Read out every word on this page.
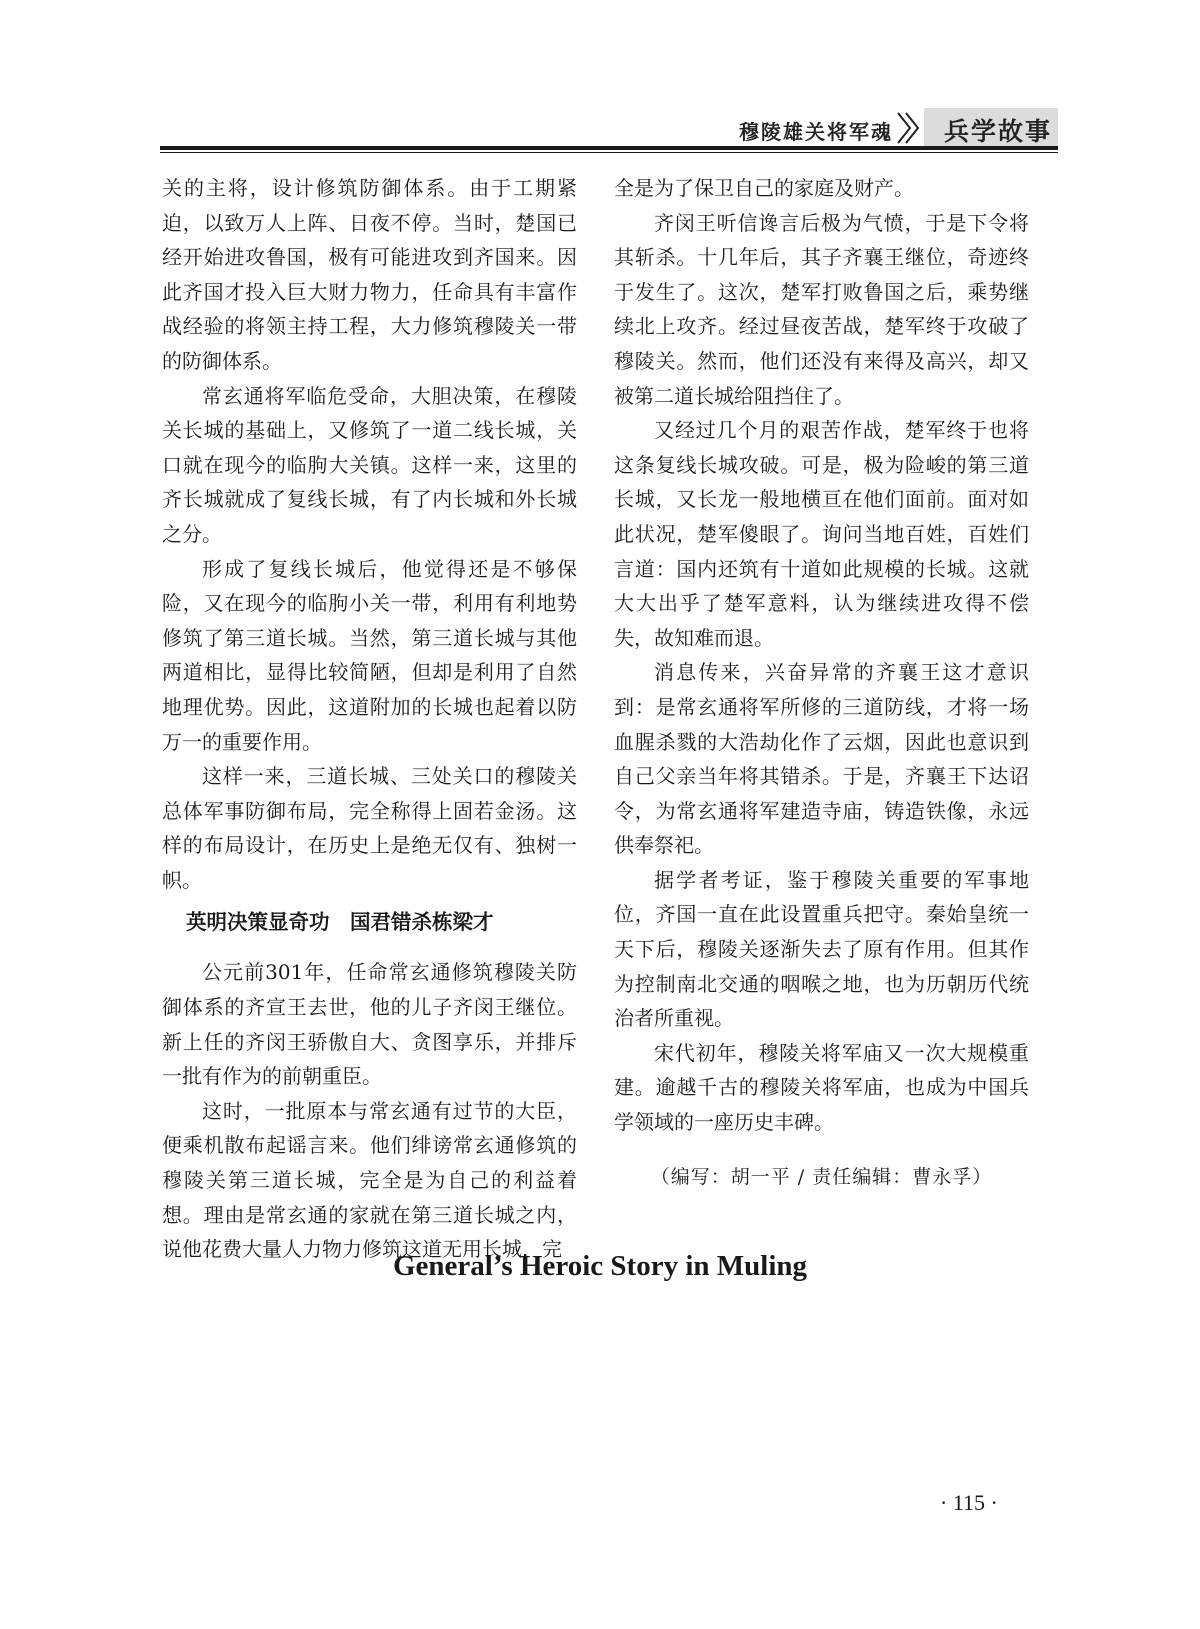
穆陵雄关将军魂 兵学故事

关的主将，设计修筑防御体系。由于工期紧迫，以致万人上阵、日夜不停。当时，楚国已经开始进攻鲁国，极有可能进攻到齐国来。因此齐国才投入巨大财力物力，任命具有丰富作战经验的将领主持工程，大力修筑穆陵关一带的防御体系。

常玄通将军临危受命，大胆决策，在穆陵关长城的基础上，又修筑了一道二线长城，关口就在现今的临朐大关镇。这样一来，这里的齐长城就成了复线长城，有了内长城和外长城之分。

形成了复线长城后，他觉得还是不够保险，又在现今的临朐小关一带，利用有利地势修筑了第三道长城。当然，第三道长城与其他两道相比，显得比较简陋，但却是利用了自然地理优势。因此，这道附加的长城也起着以防万一的重要作用。

这样一来，三道长城、三处关口的穆陵关总体军事防御布局，完全称得上固若金汤。这样的布局设计，在历史上是绝无仅有、独树一帜。

英明决策显奇功　国君错杀栋梁才

公元前301年，任命常玄通修筑穆陵关防御体系的齐宣王去世，他的儿子齐闵王继位。新上任的齐闵王骄傲自大、贪图享乐，并排斥一批有作为的前朝重臣。

这时，一批原本与常玄通有过节的大臣，便乘机散布起谣言来。他们绯谤常玄通修筑的穆陵关第三道长城，完全是为自己的利益着想。理由是常玄通的家就在第三道长城之内，说他花费大量人力物力修筑这道无用长城，完

全是为了保卫自己的家庭及财产。

齐闵王听信谗言后极为气愤，于是下令将其斩杀。十几年后，其子齐襄王继位，奇迹终于发生了。这次，楚军打败鲁国之后，乘势继续北上攻齐。经过昼夜苦战，楚军终于攻破了穆陵关。然而，他们还没有来得及高兴，却又被第二道长城给阻挡住了。

又经过几个月的艰苦作战，楚军终于也将这条复线长城攻破。可是，极为险峻的第三道长城，又长龙一般地横亘在他们面前。面对如此状况，楚军傻眼了。询问当地百姓，百姓们言道：国内还筑有十道如此规模的长城。这就大大出乎了楚军意料，认为继续进攻得不偿失，故知难而退。

消息传来，兴奋异常的齐襄王这才意识到：是常玄通将军所修的三道防线，才将一场血腥杀戮的大浩劫化作了云烟，因此也意识到自己父亲当年将其错杀。于是，齐襄王下达诏令，为常玄通将军建造寺庙，铸造铁像，永远供奉祭祀。

据学者考证，鉴于穆陵关重要的军事地位，齐国一直在此设置重兵把守。秦始皇统一天下后，穆陵关逐渐失去了原有作用。但其作为控制南北交通的咽喉之地，也为历朝历代统治者所重视。

宋代初年，穆陵关将军庙又一次大规模重建。逾越千古的穆陵关将军庙，也成为中国兵学领域的一座历史丰碑。

（编写：胡一平 / 责任编辑：曹永孚）
General’s Heroic Story in Muling
· 115 ·
